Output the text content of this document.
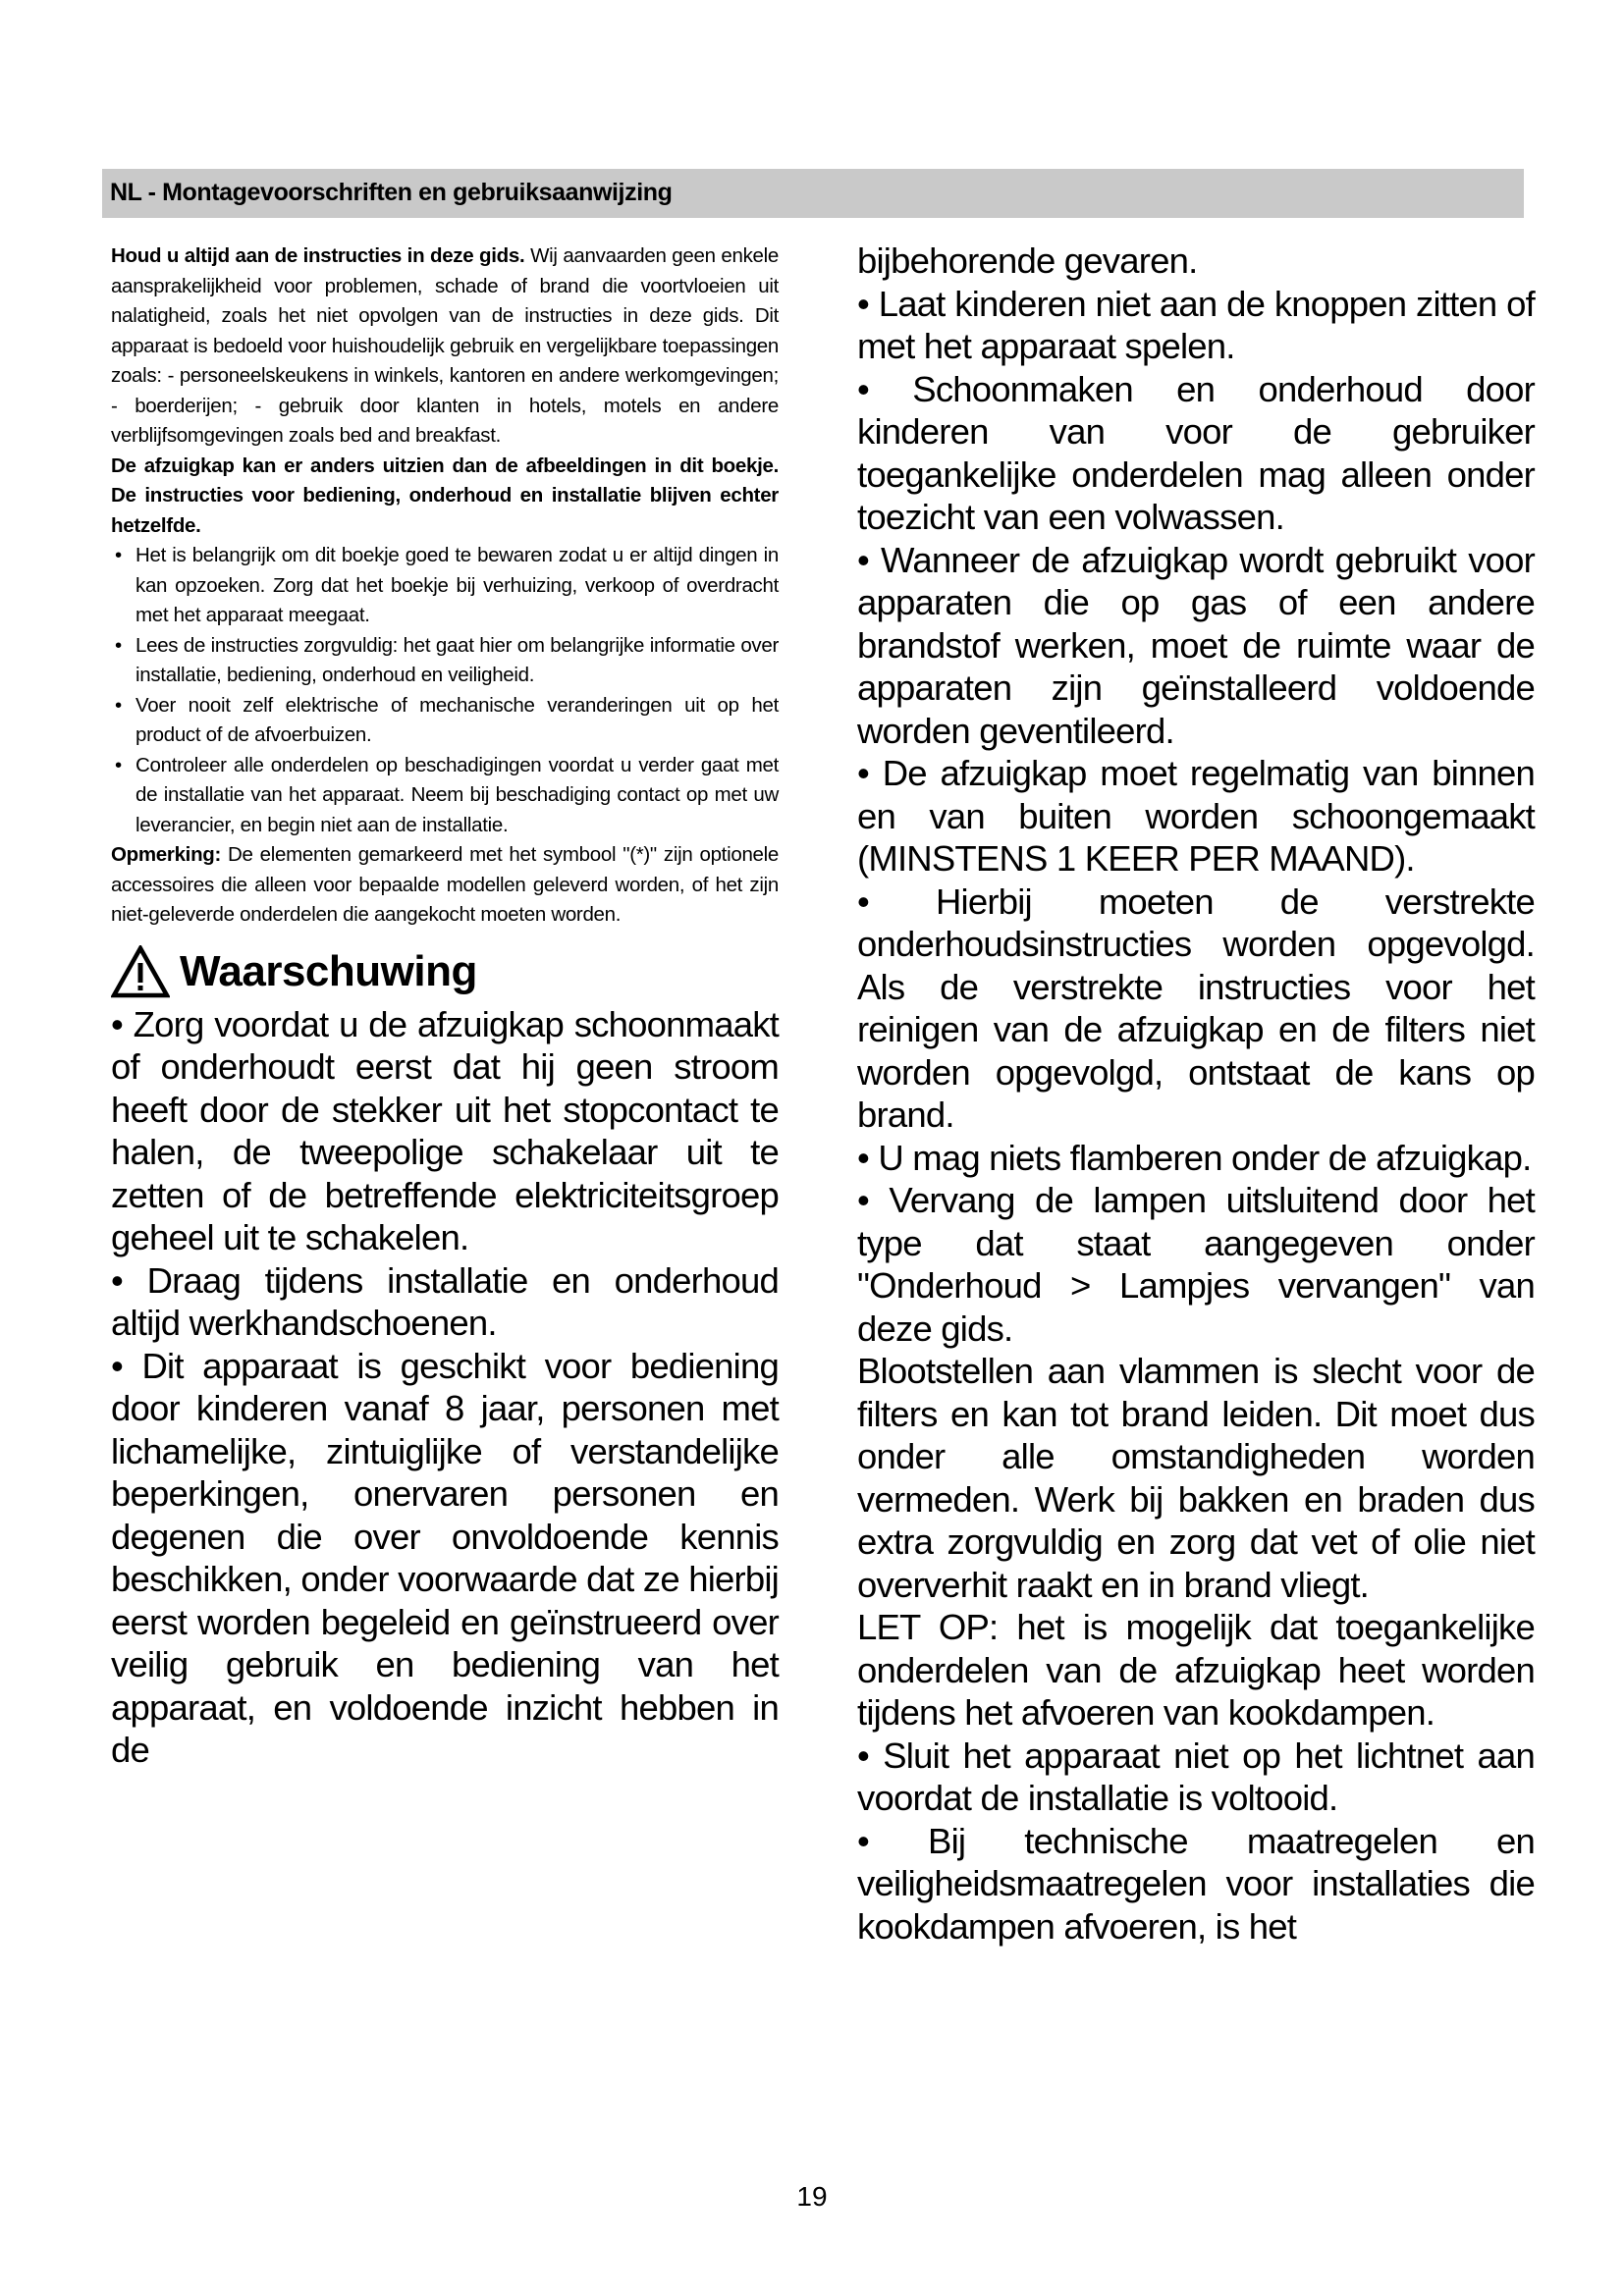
NL - Montagevoorschriften en gebruiksaanwijzing

Houd u altijd aan de instructies in deze gids. Wij aanvaarden geen enkele aansprakelijkheid voor problemen, schade of brand die voortvloeien uit nalatigheid, zoals het niet opvolgen van de instructies in deze gids. Dit apparaat is bedoeld voor huishoudelijk gebruik en vergelijkbare toepassingen zoals: - personeelskeukens in winkels, kantoren en andere werkomgevingen; - boerderijen; - gebruik door klanten in hotels, motels en andere verblijfsomgevingen zoals bed and breakfast.

De afzuigkap kan er anders uitzien dan de afbeeldingen in dit boekje. De instructies voor bediening, onderhoud en installatie blijven echter hetzelfde.

• Het is belangrijk om dit boekje goed te bewaren zodat u er altijd dingen in kan opzoeken. Zorg dat het boekje bij verhuizing, verkoop of overdracht met het apparaat meegaat.
• Lees de instructies zorgvuldig: het gaat hier om belangrijke informatie over installatie, bediening, onderhoud en veiligheid.
• Voer nooit zelf elektrische of mechanische veranderingen uit op het product of de afvoerbuizen.
• Controleer alle onderdelen op beschadigingen voordat u verder gaat met de installatie van het apparaat. Neem bij beschadiging contact op met uw leverancier, en begin niet aan de installatie.

Opmerking: De elementen gemarkeerd met het symbool "(*)" zijn optionele accessoires die alleen voor bepaalde modellen geleverd worden, of het zijn niet-geleverde onderdelen die aangekocht moeten worden.

Waarschuwing

• Zorg voordat u de afzuigkap schoonmaakt of onderhoudt eerst dat hij geen stroom heeft door de stekker uit het stopcontact te halen, de tweepolige schakelaar uit te zetten of de betreffende elektriciteitsgroep geheel uit te schakelen.

• Draag tijdens installatie en onderhoud altijd werkhandschoenen.

• Dit apparaat is geschikt voor bediening door kinderen vanaf 8 jaar, personen met lichamelijke, zintuiglijke of verstandelijke beperkingen, onervaren personen en degenen die over onvoldoende kennis beschikken, onder voorwaarde dat ze hierbij eerst worden begeleid en geïnstrueerd over veilig gebruik en bediening van het apparaat, en voldoende inzicht hebben in de

bijbehorende gevaren.

• Laat kinderen niet aan de knoppen zitten of met het apparaat spelen.

• Schoonmaken en onderhoud door kinderen van voor de gebruiker toegankelijke onderdelen mag alleen onder toezicht van een volwassen.

• Wanneer de afzuigkap wordt gebruikt voor apparaten die op gas of een andere brandstof werken, moet de ruimte waar de apparaten zijn geïnstalleerd voldoende worden geventileerd.

• De afzuigkap moet regelmatig van binnen en van buiten worden schoongemaakt (MINSTENS 1 KEER PER MAAND).

• Hierbij moeten de verstrekte onderhoudsinstructies worden opgevolgd. Als de verstrekte instructies voor het reinigen van de afzuigkap en de filters niet worden opgevolgd, ontstaat de kans op brand.

• U mag niets flamberen onder de afzuigkap.

• Vervang de lampen uitsluitend door het type dat staat aangegeven onder "Onderhoud > Lampjes vervangen" van deze gids.

Blootstellen aan vlammen is slecht voor de filters en kan tot brand leiden. Dit moet dus onder alle omstandigheden worden vermeden. Werk bij bakken en braden dus extra zorgvuldig en zorg dat vet of olie niet oververhit raakt en in brand vliegt.

LET OP: het is mogelijk dat toegankelijke onderdelen van de afzuigkap heet worden tijdens het afvoeren van kookdampen.

• Sluit het apparaat niet op het lichtnet aan voordat de installatie is voltooid.

• Bij technische maatregelen en veiligheidsmaatregelen voor installaties die kookdampen afvoeren, is het

19
